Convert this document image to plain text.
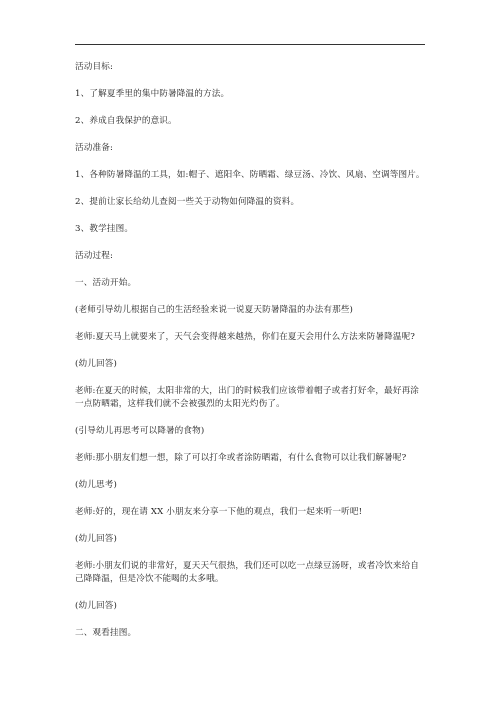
活动目标:
1、了解夏季里的集中防暑降温的方法。
2、养成自我保护的意识。
活动准备:
1、各种防暑降温的工具，如:帽子、遮阳伞、防晒霜、绿豆汤、冷饮、风扇、空调等图片。
2、提前让家长给幼儿查阅一些关于动物如何降温的资料。
3、教学挂图。
活动过程:
一、活动开始。
(老师引导幼儿根据自己的生活经验来说一说夏天防暑降温的办法有那些)
老师:夏天马上就要来了，天气会变得越来越热，你们在夏天会用什么方法来防暑降温呢?
(幼儿回答)
老师:在夏天的时候，太阳非常的大，出门的时候我们应该带着帽子或者打好伞，最好再涂一点防晒霜，这样我们就不会被强烈的太阳光灼伤了。
(引导幼儿再思考可以降暑的食物)
老师:那小朋友们想一想，除了可以打伞或者涂防晒霜，有什么食物可以让我们解暑呢?
(幼儿思考)
老师:好的，现在请 XX 小朋友来分享一下他的观点，我们一起来听一听吧!
(幼儿回答)
老师:小朋友们说的非常好，夏天天气很热，我们还可以吃一点绿豆汤呀，或者冷饮来给自己降降温，但是冷饮不能喝的太多哦。
(幼儿回答)
二、观看挂图。
